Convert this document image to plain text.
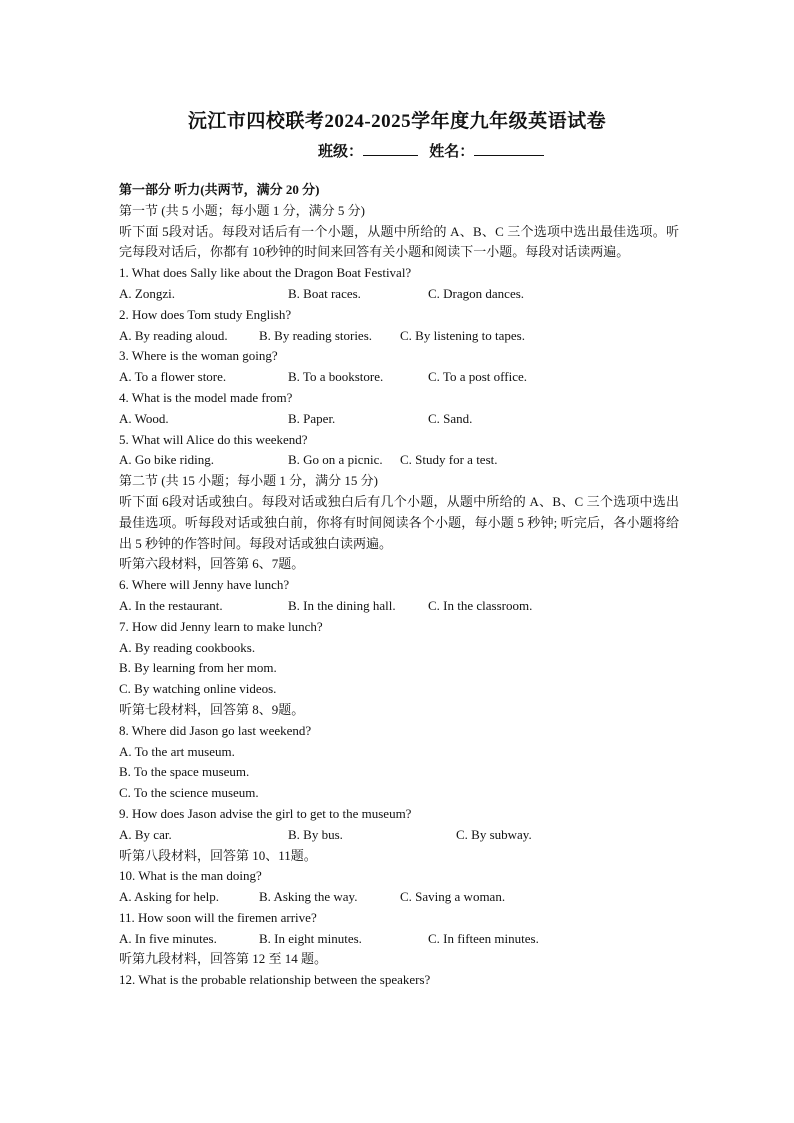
沅江市四校联考2024-2025学年度九年级英语试卷
班级：	姓名：
第一部分 听力(共两节，满分 20 分)
第一节 (共 5 小题；每小题 1 分，满分 5 分)
听下面 5段对话。每段对话后有一个小题，从题中所给的 A、B、C 三个选项中选出最佳选项。听完每段对话后，你都有 10秒钟的时间来回答有关小题和阅读下一小题。每段对话读两遍。
1. What does Sally like about the Dragon Boat Festival?
A. Zongzi.	B. Boat races.	C. Dragon dances.
2. How does Tom study English?
A. By reading aloud. B. By reading stories. C. By listening to tapes.
3. Where is the woman going?
A. To a flower store.	B. To a bookstore.	C. To a post office.
4. What is the model made from?
A. Wood.	B. Paper.	C. Sand.
5. What will Alice do this weekend?
A. Go bike riding.	B. Go on a picnic. C. Study for a test.
第二节 (共 15 小题；每小题 1 分，满分 15 分)
听下面 6段对话或独白。每段对话或独白后有几个小题，从题中所给的 A、B、C 三个选项中选出最佳选项。听每段对话或独白前，你将有时间阅读各个小题，每小题 5 秒钟; 听完后，各小题将给出 5 秒钟的作答时间。每段对话或独白读两遍。
听第六段材料，回答第 6、7题。
6. Where will Jenny have lunch?
A. In the restaurant.	B. In the dining hall. C. In the classroom.
7. How did Jenny learn to make lunch?
A. By reading cookbooks.
B. By learning from her mom.
C. By watching online videos.
听第七段材料，回答第 8、9题。
8. Where did Jason go last weekend?
A. To the art museum.
B. To the space museum.
C. To the science museum.
9. How does Jason advise the girl to get to the museum?
A. By car.	B. By bus.	C. By subway.
听第八段材料，回答第 10、11题。
10. What is the man doing?
A. Asking for help.	B. Asking the way.	C. Saving a woman.
11. How soon will the firemen arrive?
A. In five minutes.	B. In eight minutes.	C. In fifteen minutes.
听第九段材料，回答第 12 至 14 题。
12. What is the probable relationship between the speakers?
